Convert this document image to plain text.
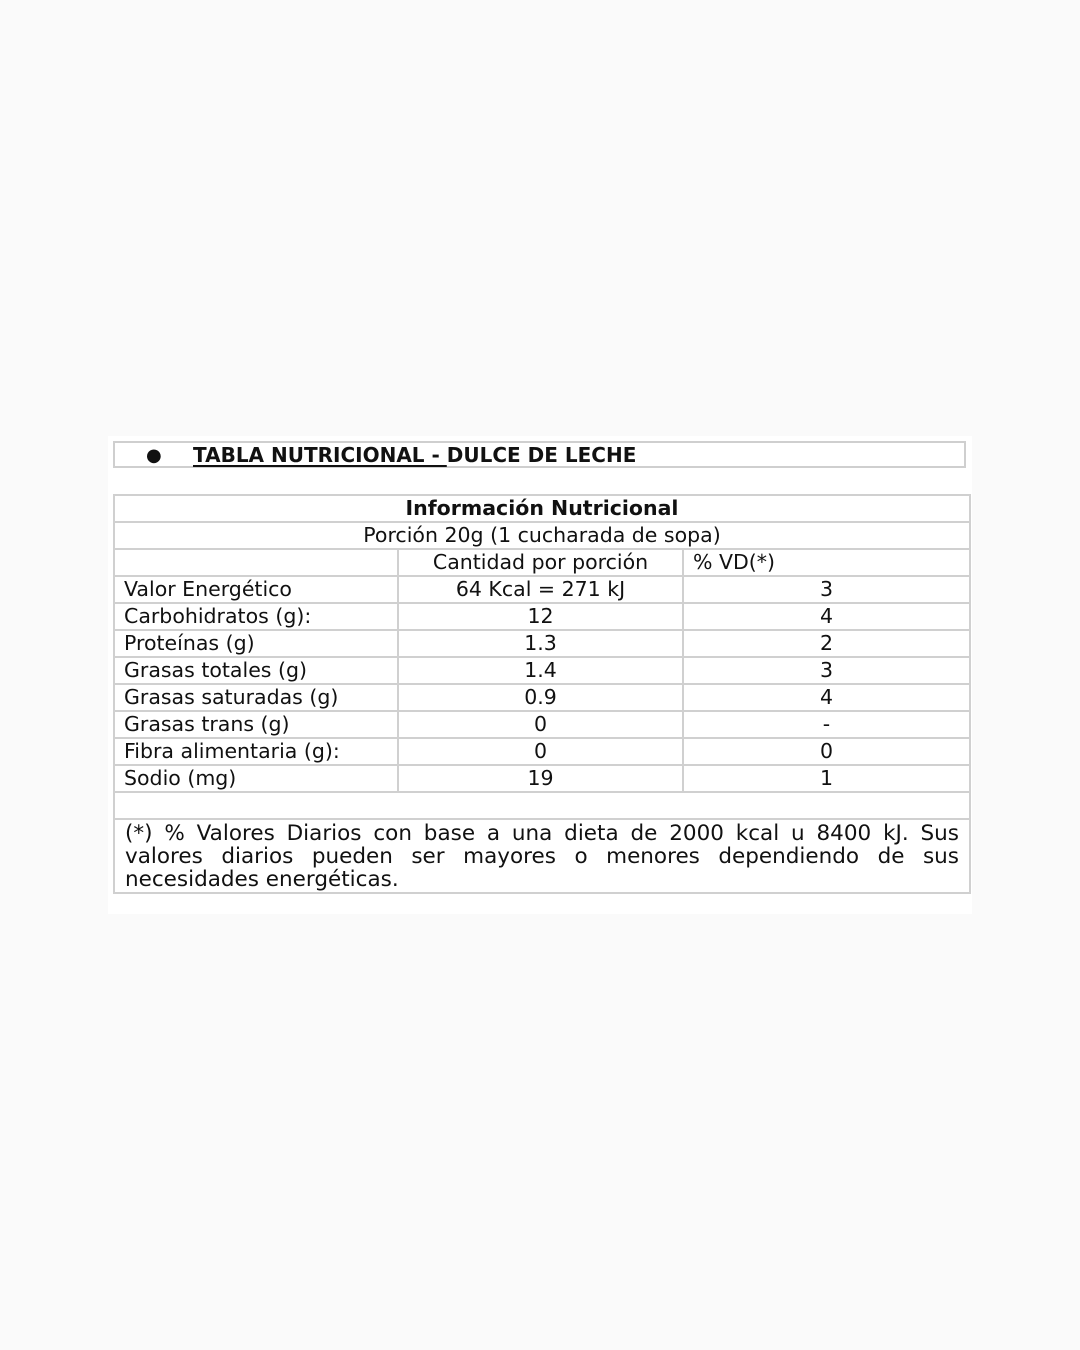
● TABLA NUTRICIONAL - DULCE DE LECHE
Información Nutricional		
Porción 20g (1 cucharada de sopa)		
	Cantidad por porción	% VD(*)
Valor Energético	64 Kcal = 271 kJ	3
Carbohidratos (g):	12	4
Proteínas (g)	1.3	2
Grasas totales (g)	1.4	3
Grasas saturadas (g)	0.9	4
Grasas trans (g)	0	-
Fibra alimentaria (g):	0	0
Sodio (mg)	19	1

(*) % Valores Diarios con base a una dieta de 2000 kcal u 8400 kJ. Sus valores diarios pueden ser mayores o menores dependiendo de sus necesidades energéticas.		
